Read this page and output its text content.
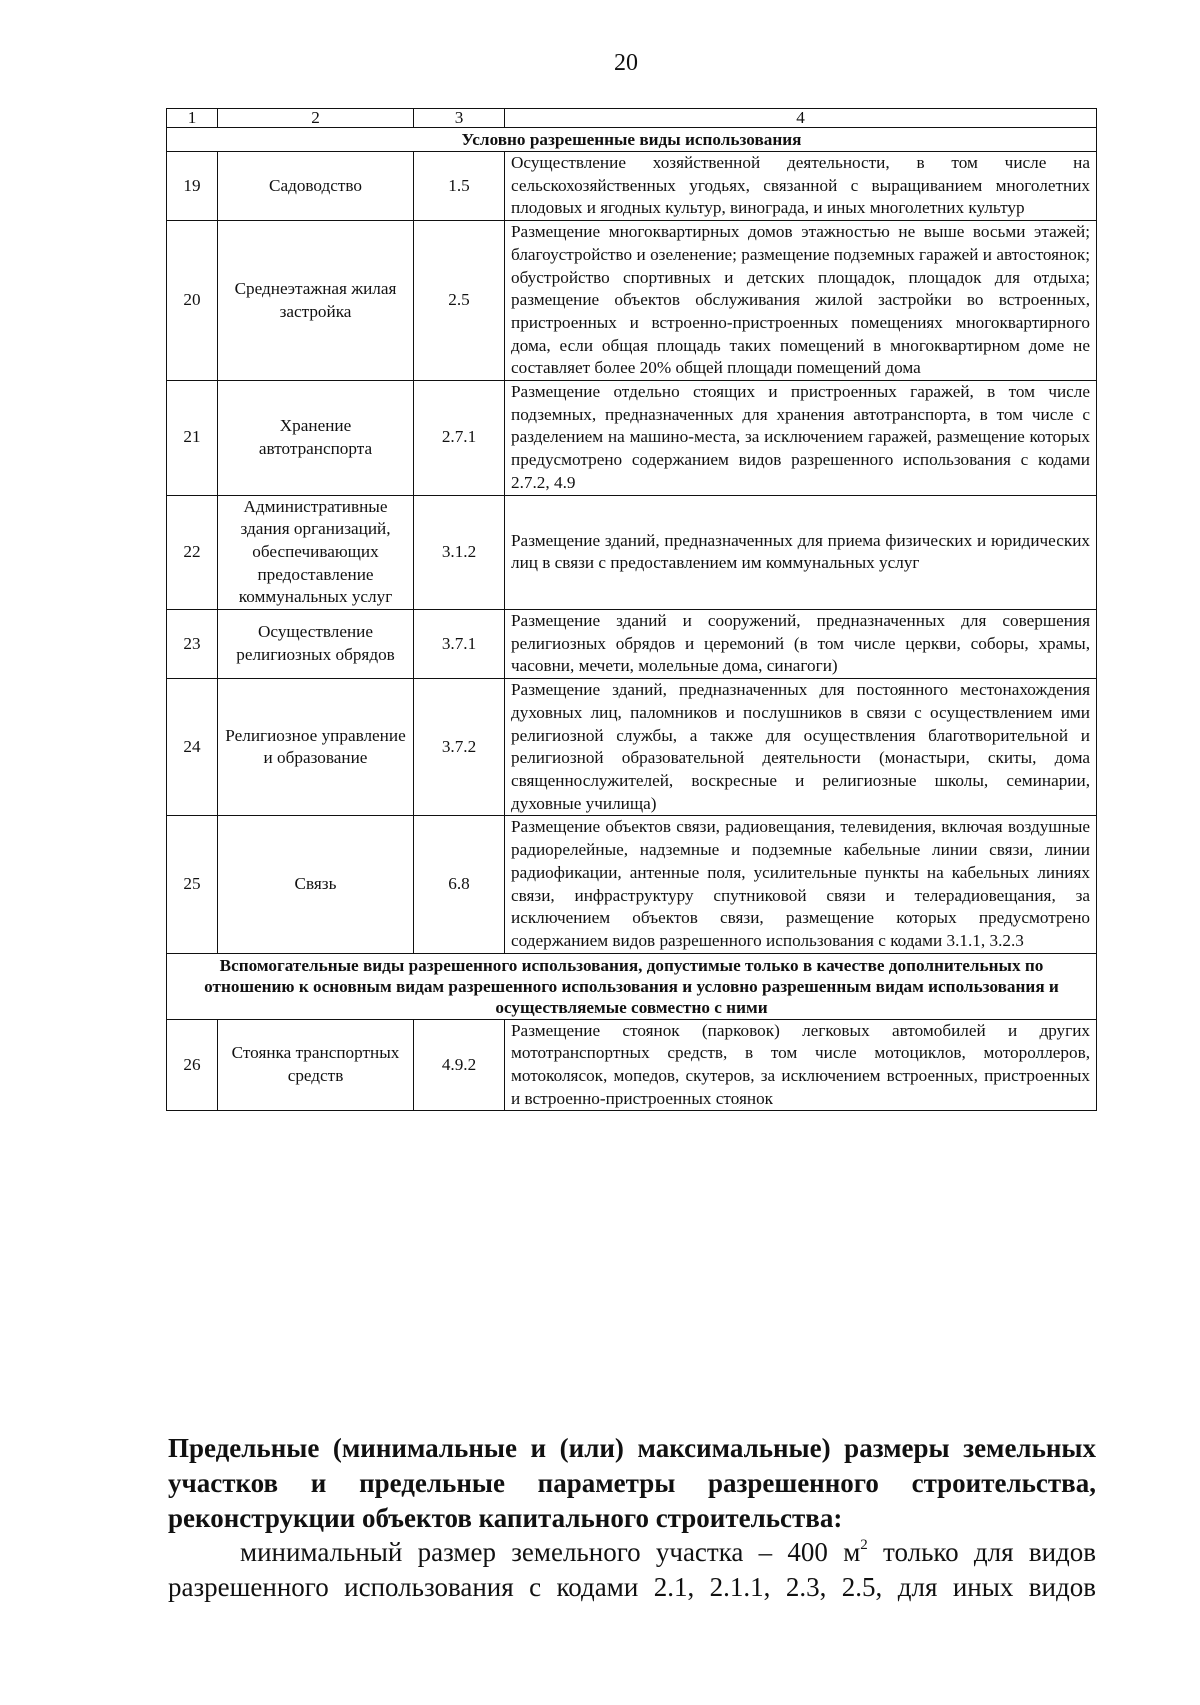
20
1	2	3	4
Условно разрешенные виды использования			
19	Садоводство	1.5	Осуществление хозяйственной деятельности, в том числе на сельскохозяйственных угодьях, связанной с выращиванием многолетних плодовых и ягодных культур, винограда, и иных многолетних культур
20	Среднеэтажная жилая застройка	2.5	Размещение многоквартирных домов этажностью не выше восьми этажей; благоустройство и озеленение; размещение подземных гаражей и автостоянок; обустройство спортивных и детских площадок, площадок для отдыха; размещение объектов обслуживания жилой застройки во встроенных, пристроенных и встроенно-пристроенных помещениях многоквартирного дома, если общая площадь таких помещений в многоквартирном доме не составляет более 20% общей площади помещений дома
21	Хранение автотранспорта	2.7.1	Размещение отдельно стоящих и пристроенных гаражей, в том числе подземных, предназначенных для хранения автотранспорта, в том числе с разделением на машино-места, за исключением гаражей, размещение которых предусмотрено содержанием видов разрешенного использования с кодами 2.7.2, 4.9
22	Административные здания организаций, обеспечивающих предоставление коммунальных услуг	3.1.2	Размещение зданий, предназначенных для приема физических и юридических лиц в связи с предоставлением им коммунальных услуг
23	Осуществление религиозных обрядов	3.7.1	Размещение зданий и сооружений, предназначенных для совершения религиозных обрядов и церемоний (в том числе церкви, соборы, храмы, часовни, мечети, молельные дома, синагоги)
24	Религиозное управление и образование	3.7.2	Размещение зданий, предназначенных для постоянного местонахождения духовных лиц, паломников и послушников в связи с осуществлением ими религиозной службы, а также для осуществления благотворительной и религиозной образовательной деятельности (монастыри, скиты, дома священнослужителей, воскресные и религиозные школы, семинарии, духовные училища)
25	Связь	6.8	Размещение объектов связи, радиовещания, телевидения, включая воздушные радиорелейные, надземные и подземные кабельные линии связи, линии радиофикации, антенные поля, усилительные пункты на кабельных линиях связи, инфраструктуру спутниковой связи и телерадиовещания, за исключением объектов связи, размещение которых предусмотрено содержанием видов разрешенного использования с кодами 3.1.1, 3.2.3
Вспомогательные виды разрешенного использования, допустимые только в качестве дополнительных по отношению к основным видам разрешенного использования и условно разрешенным видам использования и осуществляемые совместно с ними			
26	Стоянка транспортных средств	4.9.2	Размещение стоянок (парковок) легковых автомобилей и других мототранспортных средств, в том числе мотоциклов, мотороллеров, мотоколясок, мопедов, скутеров, за исключением встроенных, пристроенных и встроенно-пристроенных стоянок
Предельные (минимальные и (или) максимальные) размеры земельных участков и предельные параметры разрешенного строительства, реконструкции объектов капитального строительства:
минимальный размер земельного участка – 400 $м^2$ только для видов
разрешенного использования с кодами 2.1, 2.1.1, 2.3, 2.5, для иных видов
